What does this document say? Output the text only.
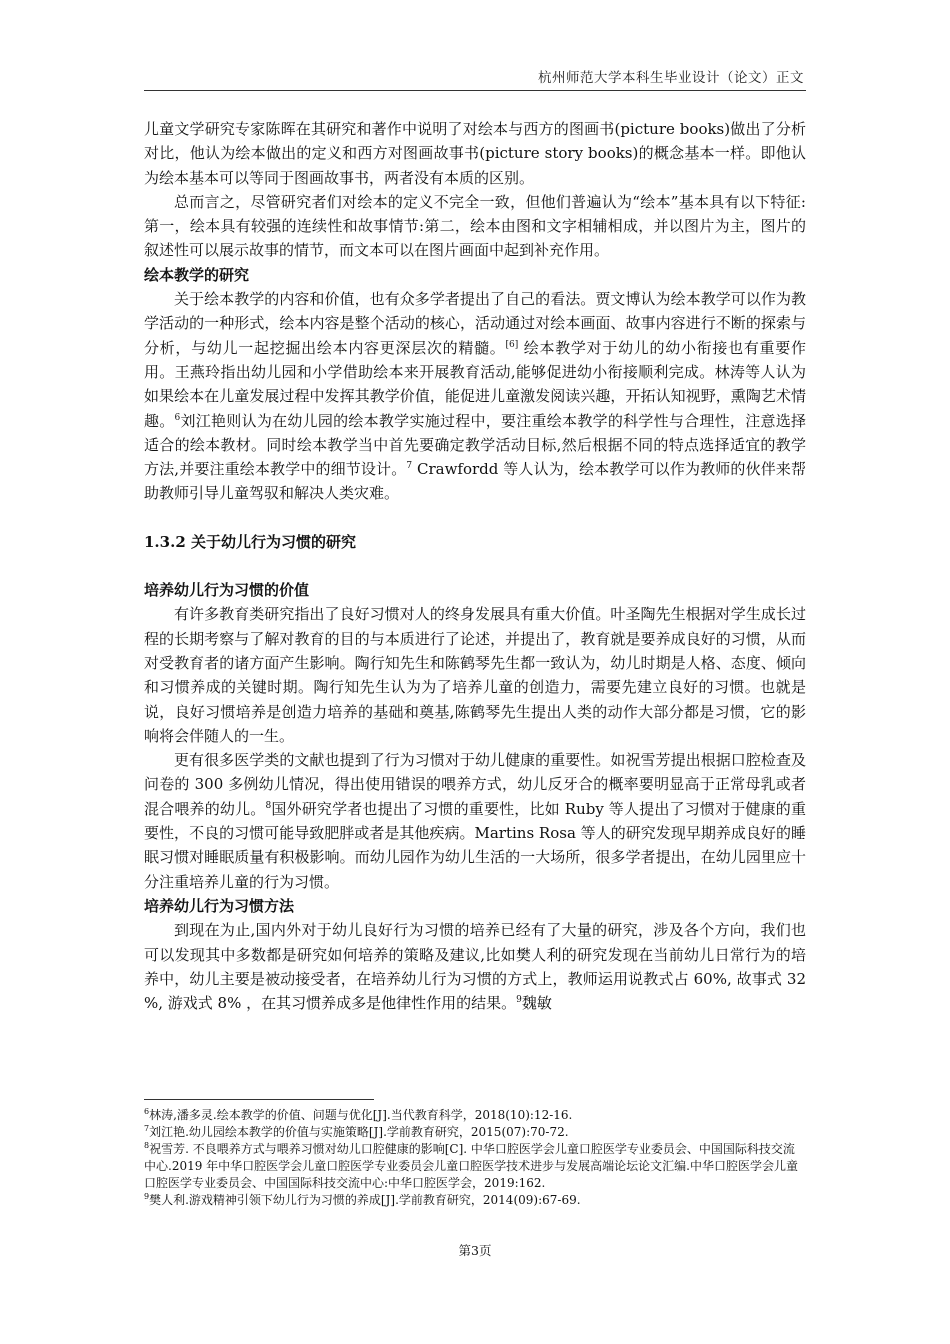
杭州师范大学本科生毕业设计（论文）正文

儿童文学研究专家陈晖在其研究和著作中说明了对绘本与西方的图画书(picture books)做出了分析对比，他认为绘本做出的定义和西方对图画故事书(picture story books)的概念基本一样。即他认为绘本基本可以等同于图画故事书，两者没有本质的区别。

总而言之，尽管研究者们对绘本的定义不完全一致，但他们普遍认为“绘本”基本具有以下特征:第一，绘本具有较强的连续性和故事情节:第二，绘本由图和文字相辅相成，并以图片为主，图片的叙述性可以展示故事的情节，而文本可以在图片画面中起到补充作用。

绘本教学的研究

关于绘本教学的内容和价值，也有众多学者提出了自己的看法。贾文博认为绘本教学可以作为教学活动的一种形式，绘本内容是整个活动的核心，活动通过对绘本画面、故事内容进行不断的探索与分析，与幼儿一起挖掘出绘本内容更深层次的精髓。[6] 绘本教学对于幼儿的幼小衔接也有重要作用。王燕玲指出幼儿园和小学借助绘本来开展教育活动,能够促进幼小衔接顺利完成。林涛等人认为如果绘本在儿童发展过程中发挥其教学价值，能促进儿童激发阅读兴趣，开拓认知视野，熏陶艺术情趣。$^6$刘江艳则认为在幼儿园的绘本教学实施过程中，要注重绘本教学的科学性与合理性，注意选择适合的绘本教材。同时绘本教学当中首先要确定教学活动目标,然后根据不同的特点选择适宜的教学方法,并要注重绘本教学中的细节设计。$^7$ Crawfordd 等人认为，绘本教学可以作为教师的伙伴来帮助教师引导儿童驾驭和解决人类灾难。

1.3.2 关于幼儿行为习惯的研究

培养幼儿行为习惯的价值

有许多教育类研究指出了良好习惯对人的终身发展具有重大价值。叶圣陶先生根据对学生成长过程的长期考察与了解对教育的目的与本质进行了论述，并提出了，教育就是要养成良好的习惯，从而对受教育者的诸方面产生影响。陶行知先生和陈鹤琴先生都一致认为，幼儿时期是人格、态度、倾向和习惯养成的关键时期。陶行知先生认为为了培养儿童的创造力，需要先建立良好的习惯。也就是说，良好习惯培养是创造力培养的基础和奠基,陈鹤琴先生提出人类的动作大部分都是习惯，它的影响将会伴随人的一生。

更有很多医学类的文献也提到了行为习惯对于幼儿健康的重要性。如祝雪芳提出根据口腔检查及问卷的 300 多例幼儿情况，得出使用错误的喂养方式，幼儿反牙合的概率要明显高于正常母乳或者混合喂养的幼儿。$^8$国外研究学者也提出了习惯的重要性，比如 Ruby 等人提出了习惯对于健康的重要性，不良的习惯可能导致肥胖或者是其他疾病。Martins Rosa 等人的研究发现早期养成良好的睡眠习惯对睡眠质量有积极影响。而幼儿园作为幼儿生活的一大场所，很多学者提出，在幼儿园里应十分注重培养儿童的行为习惯。

培养幼儿行为习惯方法

到现在为止,国内外对于幼儿良好行为习惯的培养已经有了大量的研究，涉及各个方向，我们也可以发现其中多数都是研究如何培养的策略及建议,比如樊人利的研究发现在当前幼儿日常行为的培养中，幼儿主要是被动接受者，在培养幼儿行为习惯的方式上，教师运用说教式占 60%, 故事式 32 %, 游戏式 8% ，在其习惯养成多是他律性作用的结果。$^9$魏敏

$^6$林涛,潘多灵.绘本教学的价值、问题与优化[J].当代教育科学，2018(10):12-16.

$^7$刘江艳.幼儿园绘本教学的价值与实施策略[J].学前教育研究，2015(07):70-72.

$^8$祝雪芳. 不良喂养方式与喂养习惯对幼儿口腔健康的影响[C]. 中华口腔医学会儿童口腔医学专业委员会、中国国际科技交流中心.2019 年中华口腔医学会儿童口腔医学专业委员会儿童口腔医学技术进步与发展高端论坛论文汇编.中华口腔医学会儿童口腔医学专业委员会、中国国际科技交流中心:中华口腔医学会，2019:162.

$^9$樊人利.游戏精神引领下幼儿行为习惯的养成[J].学前教育研究，2014(09):67-69.

第3页
